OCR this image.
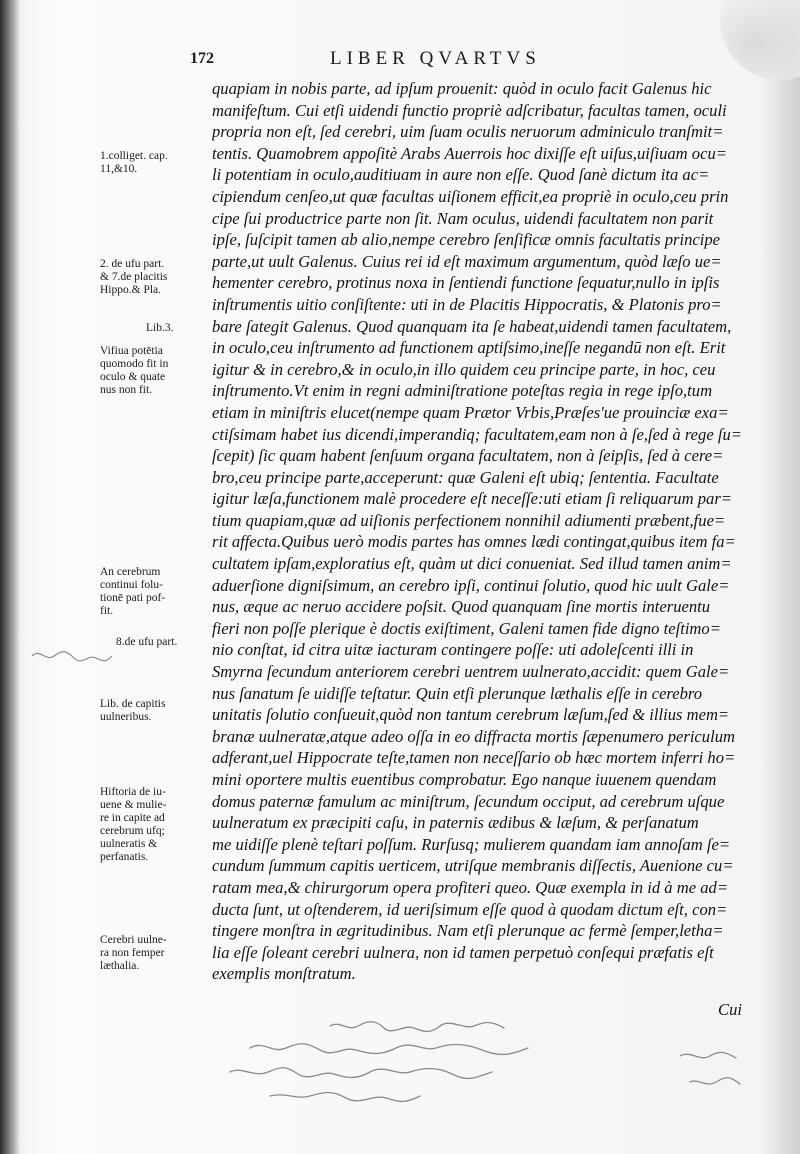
172	LIBER QVARTVS
1.colliget. cap.
11,&10.
2. de ufu part.
& 7.de placitis
Hippo.& Pla.
Lib.3.
Vifiua potētia
quomodo fit in
oculo & quate
nus non fit.
An cerebrum
continui folu-
tionē pati pof-
fit.
8.de ufu part.
Lib. de capitis
uulneribus.
Hiftoria de iu-
uene & mulie-
re in capite ad
cerebrum ufq;
uulneratis &
perfanatis.
Cerebri uulne-
ra non femper
læthalia.
quapiam in nobis parte, ad ipſum prouenit: quòd in oculo facit Galenus hic
manifeſtum. Cui etſi uidendi functio propriè adſcribatur, facultas tamen, oculi
propria non eſt, ſed cerebri, uim ſuam oculis neruorum adminiculo tranſmit=
tentis. Quamobrem appoſitè Arabs Auerrois hoc dixiſſe eſt uiſus,uiſiuam ocu=
li potentiam in oculo,auditiuam in aure non eſſe. Quod ſanè dictum ita ac=
cipiendum cenſeo,ut quæ facultas uiſionem efficit,ea propriè in oculo,ceu prin
cipe ſui productrice parte non ſit. Nam oculus, uidendi facultatem non parit
ipſe, ſuſcipit tamen ab alio,nempe cerebro ſenſificæ omnis facultatis principe
parte,ut uult Galenus. Cuius rei id eſt maximum argumentum, quòd læſo ue=
hementer cerebro, protinus noxa in ſentiendi functione ſequatur,nullo in ipſis
inſtrumentis uitio conſiſtente: uti in de Placitis Hippocratis, & Platonis pro=
bare ſategit Galenus. Quod quanquam ita ſe habeat,uidendi tamen facultatem,
in oculo,ceu inſtrumento ad functionem aptiſsimo,ineſſe negandū non eſt. Erit
igitur & in cerebro,& in oculo,in illo quidem ceu principe parte, in hoc, ceu
inſtrumento.Vt enim in regni adminiſtratione poteſtas regia in rege ipſo,tum
etiam in miniſtris elucet(nempe quam Prætor Vrbis,Præſes'ue prouinciæ exa=
ctiſsimam habet ius dicendi,imperandiq; facultatem,eam non à ſe,ſed à rege ſu=
ſcepit) ſic quam habent ſenſuum organa facultatem, non à ſeipſis, ſed à cere=
bro,ceu principe parte,acceperunt: quæ Galeni eſt ubiq; ſententia. Facultate
igitur læſa,functionem malè procedere eſt neceſſe:uti etiam ſi reliquarum par=
tium quapiam,quæ ad uiſionis perfectionem nonnihil adiumenti præbent,fue=
rit affecta.Quibus uerò modis partes has omnes lædi contingat,quibus item fa=
cultatem ipſam,exploratius eſt, quàm ut dici conueniat. Sed illud tamen anim=
aduerſione digniſsimum, an cerebro ipſi, continui ſolutio, quod hic uult Gale=
nus, æque ac neruo accidere poſsit. Quod quanquam ſine mortis interuentu
fieri non poſſe plerique è doctis exiſtiment, Galeni tamen fide digno teſtimo=
nio conſtat, id citra uitæ iacturam contingere poſſe: uti adoleſcenti illi in
Smyrna ſecundum anteriorem cerebri uentrem uulnerato,accidit: quem Gale=
nus ſanatum ſe uidiſſe teſtatur. Quin etſi plerunque læthalis eſſe in cerebro
unitatis ſolutio conſueuit,quòd non tantum cerebrum læſum,ſed & illius mem=
branæ uulneratæ,atque adeo oſſa in eo diffracta mortis ſæpenumero periculum
adferant,uel Hippocrate teſte,tamen non neceſſario ob hæc mortem inferri ho=
mini oportere multis euentibus comprobatur. Ego nanque iuuenem quendam
domus paternæ famulum ac miniſtrum, ſecundum occiput, ad cerebrum uſque
uulneratum ex præcipiti caſu, in paternis ædibus & læſum, & perſanatum
me uidiſſe plenè teſtari poſſum. Rurſusq; mulierem quandam iam annoſam ſe=
cundum ſummum capitis uerticem, utriſque membranis diſſectis, Auenione cu=
ratam mea,& chirurgorum opera profiteri queo. Quæ exempla in id à me ad=
ducta ſunt, ut oſtenderem, id ueriſsimum eſſe quod à quodam dictum eſt, con=
tingere monſtra in ægritudinibus. Nam etſi plerunque ac fermè ſemper,letha=
lia eſſe ſoleant cerebri uulnera, non id tamen perpetuò conſequi præfatis eſt
exemplis monſtratum.
Cui
